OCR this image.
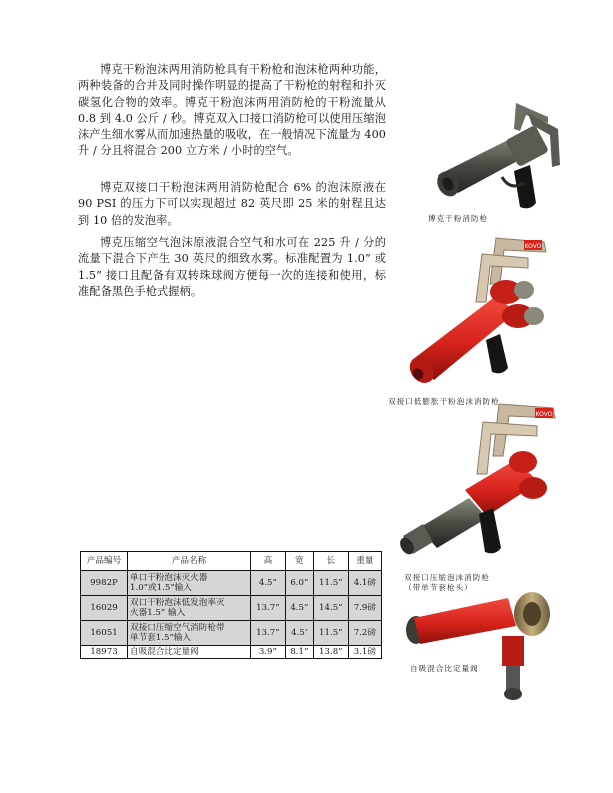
博克干粉泡沫两用消防枪具有干粉枪和泡沫枪两种功能，两种装备的合并及同时操作明显的提高了干粉枪的射程和扑灭碳氢化合物的效率。博克干粉泡沫两用消防枪的干粉流量从 0.8 到 4.0 公斤 / 秒。博克双入口接口消防枪可以使用压缩泡沫产生细水雾从而加速热量的吸收，在一般情况下流量为 400 升 / 分且将混合 200 立方米 / 小时的空气。

博克双接口干粉泡沫两用消防枪配合 6% 的泡沫原液在 90 PSI 的压力下可以实现超过 82 英尺即 25 米的射程且达到 10 倍的发泡率。

博克压缩空气泡沫原液混合空气和水可在 225 升 / 分的流量下混合下产生 30 英尺的细致水雾。标准配置为 1.0” 或 1.5” 接口且配备有双转珠球阀方便每一次的连接和使用，标准配备黑色手枪式握柄。

博克干粉消防枪
KOVO
双接口低膨胀干粉泡沫消防枪
KOVO
双接口压缩泡沫消防枪
（带单节套枪头）
自吸混合比定量阀
产品编号	产品名称	高	宽	长	重量
9982P	单口干粉泡沫灭火器
1.0”或1.5”输入	4.5”	6.0”	11.5”	4.1磅
16029	双口干粉泡沫低发泡率灭
火器1.5” 输入	13.7”	4.5”	14.5”	7.9磅
16051	双接口压缩空气消防枪带
单节套1.5”输入	13.7”	4.5’	11.5”	7.2磅
18973	自吸混合比定量阀	3.9”	8.1”	13.8”	3.1磅
